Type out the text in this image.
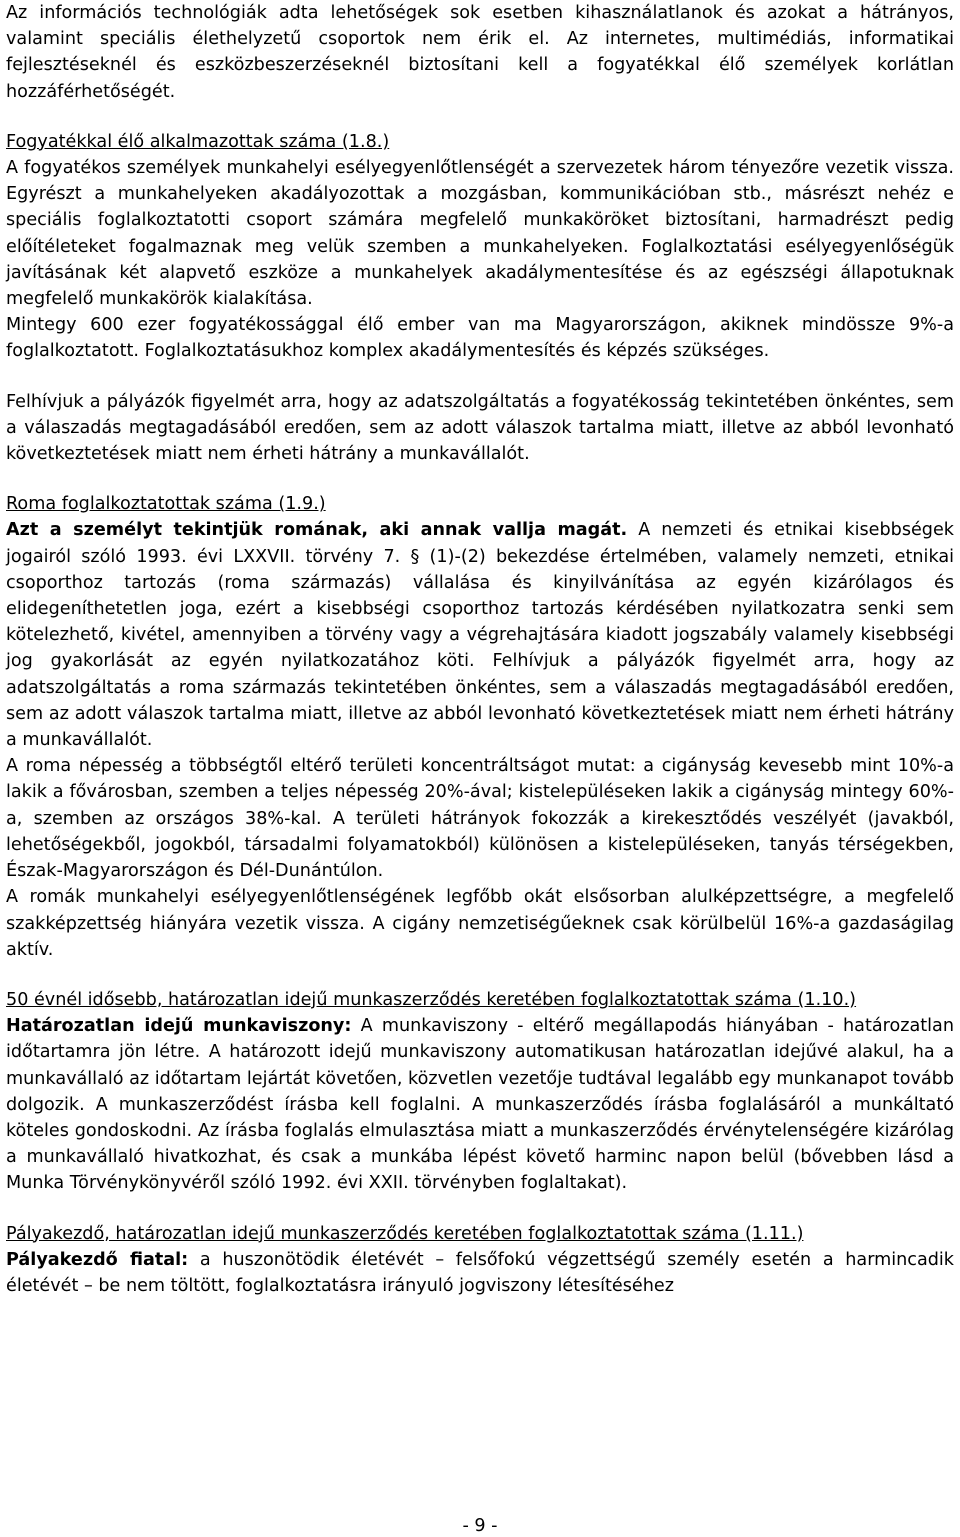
Az információs technológiák adta lehetőségek sok esetben kihasználatlanok és azokat a hátrányos, valamint speciális élethelyzetű csoportok nem érik el. Az internetes, multimédiás, informatikai fejlesztéseknél és eszközbeszerzéseknél biztosítani kell a fogyatékkal élő személyek korlátlan hozzáférhetőségét.

Fogyatékkal élő alkalmazottak száma (1.8.)

A fogyatékos személyek munkahelyi esélyegyenlőtlenségét a szervezetek három tényezőre vezetik vissza. Egyrészt a munkahelyeken akadályozottak a mozgásban, kommunikációban stb., másrészt nehéz e speciális foglalkoztatotti csoport számára megfelelő munkaköröket biztosítani, harmadrészt pedig előítéleteket fogalmaznak meg velük szemben a munkahelyeken. Foglalkoztatási esélyegyenlőségük javításának két alapvető eszköze a munkahelyek akadálymentesítése és az egészségi állapotuknak megfelelő munkakörök kialakítása.

Mintegy 600 ezer fogyatékossággal élő ember van ma Magyarországon, akiknek mindössze 9%-a foglalkoztatott. Foglalkoztatásukhoz komplex akadálymentesítés és képzés szükséges.

Felhívjuk a pályázók figyelmét arra, hogy az adatszolgáltatás a fogyatékosság tekintetében önkéntes, sem a válaszadás megtagadásából eredően, sem az adott válaszok tartalma miatt, illetve az abból levonható következtetések miatt nem érheti hátrány a munkavállalót.

Roma foglalkoztatottak száma (1.9.)

Azt a személyt tekintjük romának, aki annak vallja magát. A nemzeti és etnikai kisebbségek jogairól szóló 1993. évi LXXVII. törvény 7. § (1)-(2) bekezdése értelmében, valamely nemzeti, etnikai csoporthoz tartozás (roma származás) vállalása és kinyilvánítása az egyén kizárólagos és elidegeníthetetlen joga, ezért a kisebbségi csoporthoz tartozás kérdésében nyilatkozatra senki sem kötelezhető, kivétel, amennyiben a törvény vagy a végrehajtására kiadott jogszabály valamely kisebbségi jog gyakorlását az egyén nyilatkozatához köti. Felhívjuk a pályázók figyelmét arra, hogy az adatszolgáltatás a roma származás tekintetében önkéntes, sem a válaszadás megtagadásából eredően, sem az adott válaszok tartalma miatt, illetve az abból levonható következtetések miatt nem érheti hátrány a munkavállalót.

A roma népesség a többségtől eltérő területi koncentráltságot mutat: a cigányság kevesebb mint 10%-a lakik a fővárosban, szemben a teljes népesség 20%-ával; kistelepüléseken lakik a cigányság mintegy 60%-a, szemben az országos 38%-kal. A területi hátrányok fokozzák a kirekesztődés veszélyét (javakból, lehetőségekből, jogokból, társadalmi folyamatokból) különösen a kistelepüléseken, tanyás térségekben, Észak-Magyarországon és Dél-Dunántúlon.

A romák munkahelyi esélyegyenlőtlenségének legfőbb okát elsősorban alulképzettségre, a megfelelő szakképzettség hiányára vezetik vissza. A cigány nemzetiségűeknek csak körülbelül 16%-a gazdaságilag aktív.

50 évnél idősebb, határozatlan idejű munkaszerződés keretében foglalkoztatottak száma (1.10.)

Határozatlan idejű munkaviszony: A munkaviszony - eltérő megállapodás hiányában - határozatlan időtartamra jön létre. A határozott idejű munkaviszony automatikusan határozatlan idejűvé alakul, ha a munkavállaló az időtartam lejártát követően, közvetlen vezetője tudtával legalább egy munkanapot tovább dolgozik. A munkaszerződést írásba kell foglalni. A munkaszerződés írásba foglalásáról a munkáltató köteles gondoskodni. Az írásba foglalás elmulasztása miatt a munkaszerződés érvénytelenségére kizárólag a munkavállaló hivatkozhat, és csak a munkába lépést követő harminc napon belül (bővebben lásd a Munka Törvénykönyvéről szóló 1992. évi XXII. törvényben foglaltakat).

Pályakezdő, határozatlan idejű munkaszerződés keretében foglalkoztatottak száma (1.11.)

Pályakezdő fiatal: a huszonötödik életévét – felsőfokú végzettségű személy esetén a harmincadik életévét – be nem töltött, foglalkoztatásra irányuló jogviszony létesítéséhez

- 9 -
